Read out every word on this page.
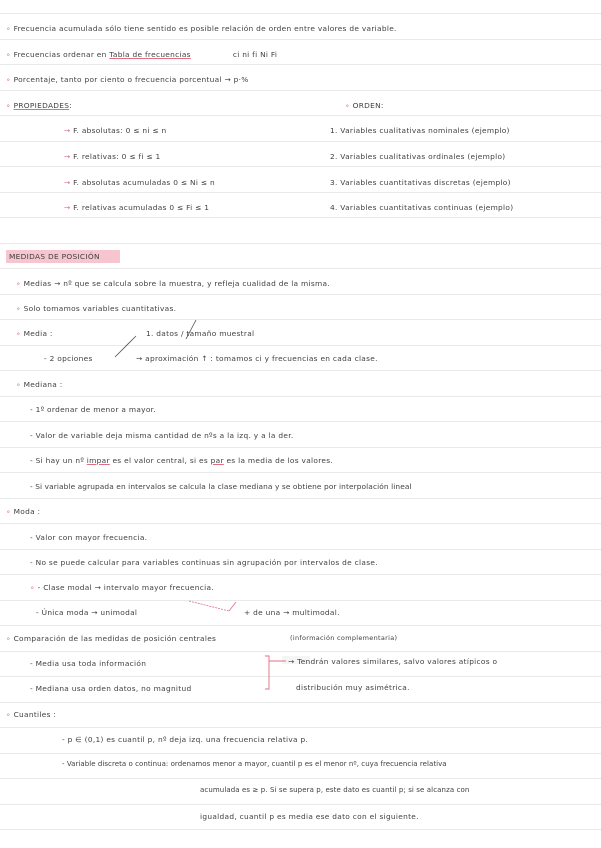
∘ Frecuencia acumulada sólo tiene sentido es posible relación de orden entre valores de variable.
∘ Frecuencias ordenar en Tabla de frecuencias	ci ni fi Ni Fi
∘ Porcentaje, tanto por ciento o frecuencia porcentual → p·%
∘ PROPIEDADES:	∘ ORDEN:
→ F. absolutas: 0 ≤ ni ≤ n
→ F. relativas: 0 ≤ fi ≤ 1
→ F. absolutas acumuladas 0 ≤ Ni ≤ n
→ F. relativas acumuladas 0 ≤ Fi ≤ 1
1. Variables cualitativas nominales (ejemplo)
2. Variables cualitativas ordinales (ejemplo)
3. Variables cuantitativas discretas (ejemplo)
4. Variables cuantitativas continuas (ejemplo)
MEDIDAS DE POSICIÓN
∘ Medias → nº que se calcula sobre la muestra, y refleja cualidad de la misma.
∘ Solo tomamos variables cuantitativas.
∘ Media :	1. datos / tamaño muestral
- 2 opciones	→ aproximación ↑ : tomamos ci y frecuencias en cada clase.
∘ Mediana :
- 1º ordenar de menor a mayor.
- Valor de variable deja misma cantidad de nºs a la izq. y a la der.
- Si hay un nº impar es el valor central, si es par es la media de los valores.
- Si variable agrupada en intervalos se calcula la clase mediana y se obtiene por interpolación lineal
∘ Moda :
- Valor con mayor frecuencia.
- No se puede calcular para variables continuas sin agrupación por intervalos de clase.
∘ - Clase modal → intervalo mayor frecuencia.
- Única moda → unimodal	+ de una → multimodal.
∘ Comparación de las medidas de posición centrales	(información complementaria)
- Media usa toda información
- Mediana usa orden datos, no magnitud
→ Tendrán valores similares, salvo valores atípicos o
distribución muy asimétrica.
∘ Cuantiles :
- p ∈ (0,1) es cuantil p, nº deja izq. una frecuencia relativa p.
- Variable discreta o continua: ordenamos menor a mayor, cuantil p es el menor nº, cuya frecuencia relativa
acumulada es ≥ p. Si se supera p, este dato es cuantil p; si se alcanza con
igualdad, cuantil p es media ese dato con el siguiente.
